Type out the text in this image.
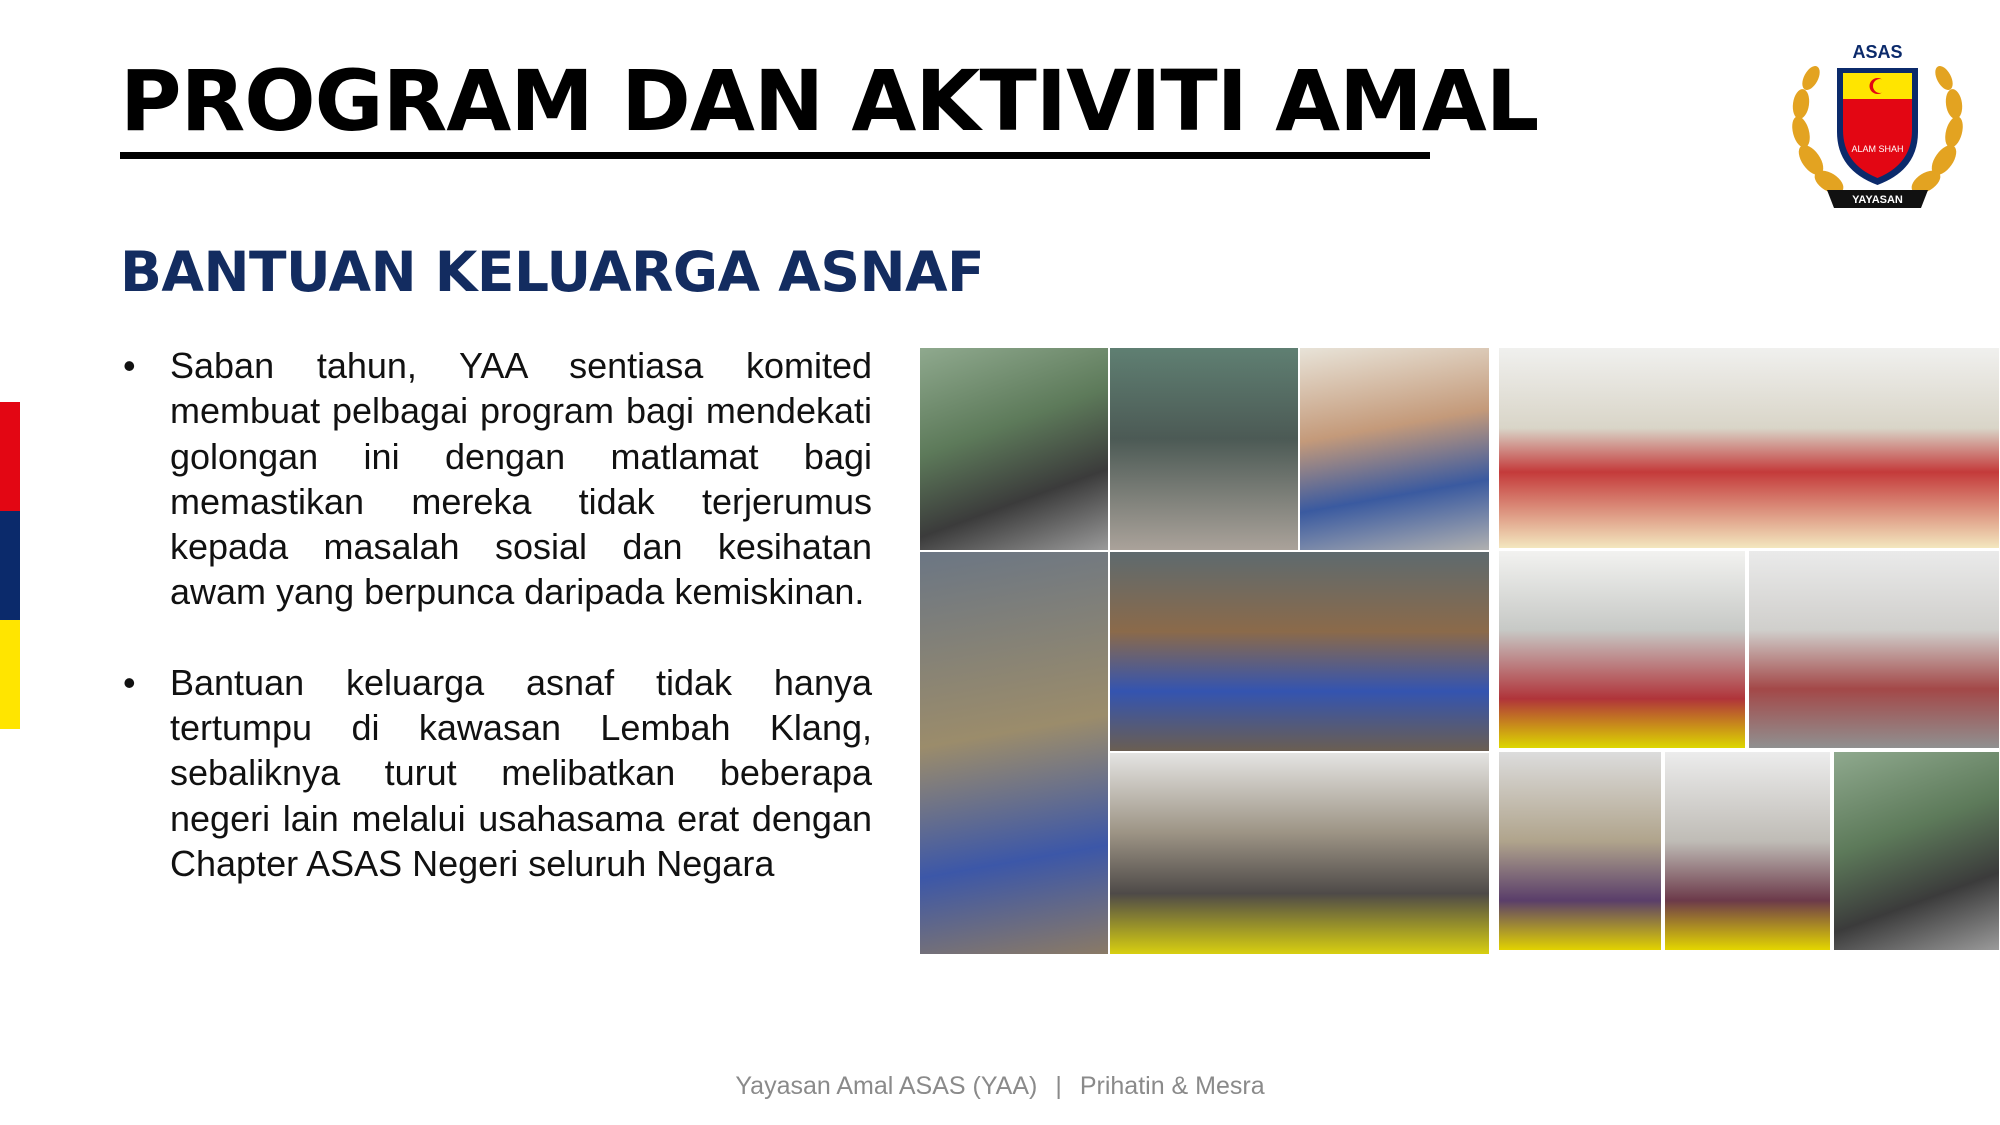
PROGRAM DAN AKTIVITI AMAL
BANTUAN KELUARGA ASNAF
• Saban tahun, YAA sentiasa komited membuat pelbagai program bagi mendekati golongan ini dengan matlamat bagi memastikan mereka tidak terjerumus kepada masalah sosial dan kesihatan awam yang berpunca daripada kemiskinan.
• Bantuan keluarga asnaf tidak hanya tertumpu di kawasan Lembah Klang, sebaliknya turut melibatkan beberapa negeri lain melalui usahasama erat dengan Chapter ASAS Negeri seluruh Negara
ASAS
ALAM SHAH
YAYASAN
Yayasan Amal ASAS (YAA) | Prihatin & Mesra
